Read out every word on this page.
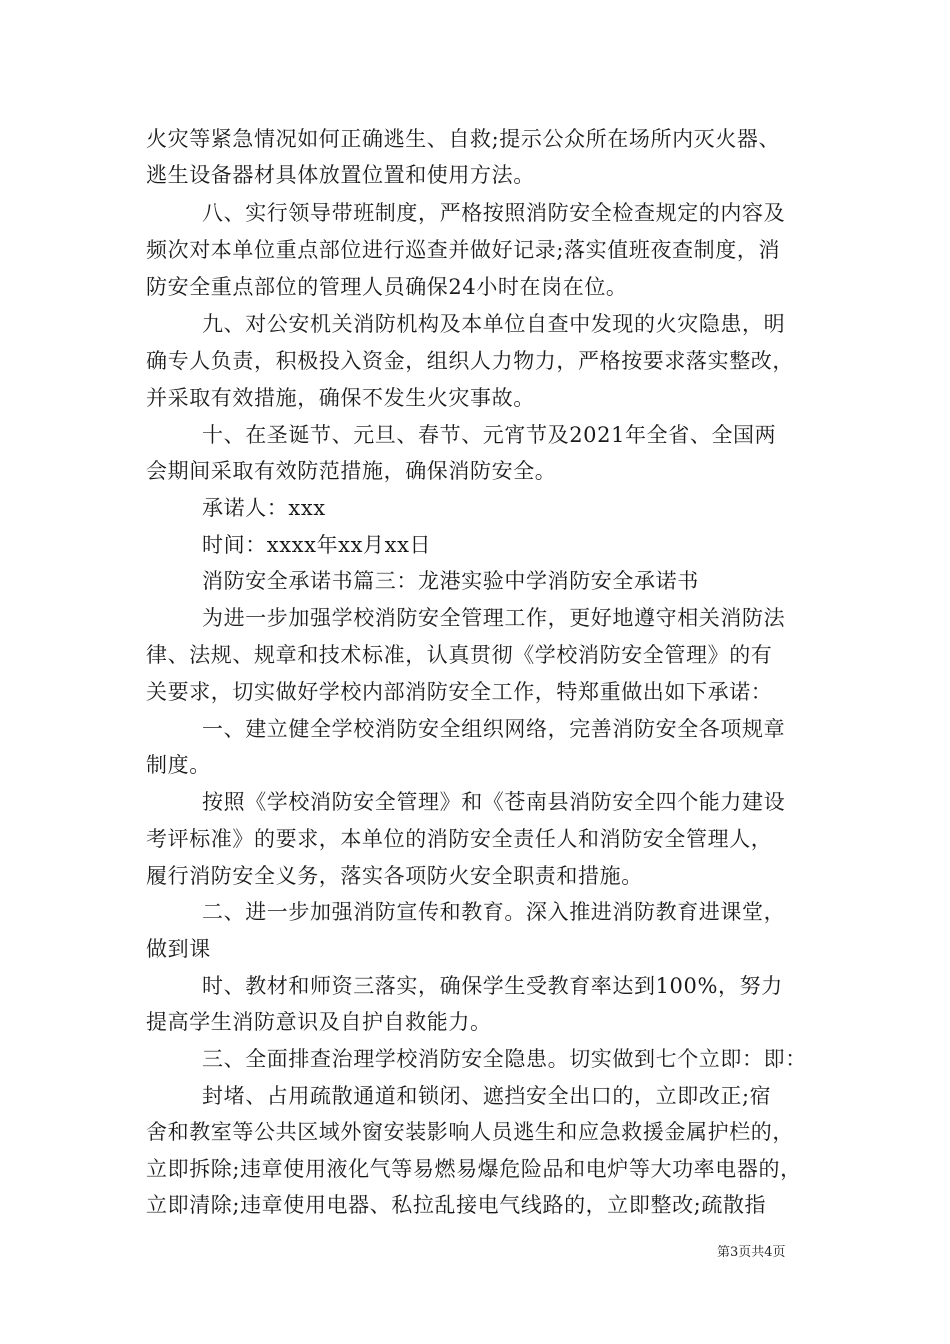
火灾等紧急情况如何正确逃生、自救;提示公众所在场所内灭火器、
逃生设备器材具体放置位置和使用方法。
八、实行领导带班制度，严格按照消防安全检查规定的内容及
频次对本单位重点部位进行巡查并做好记录;落实值班夜查制度，消
防安全重点部位的管理人员确保24小时在岗在位。
九、对公安机关消防机构及本单位自查中发现的火灾隐患，明
确专人负责，积极投入资金，组织人力物力，严格按要求落实整改，
并采取有效措施，确保不发生火灾事故。
十、在圣诞节、元旦、春节、元宵节及2021年全省、全国两
会期间采取有效防范措施，确保消防安全。
承诺人：xxx
时间：xxxx年xx月xx日
消防安全承诺书篇三：龙港实验中学消防安全承诺书
为进一步加强学校消防安全管理工作，更好地遵守相关消防法
律、法规、规章和技术标准，认真贯彻《学校消防安全管理》的有
关要求，切实做好学校内部消防安全工作，特郑重做出如下承诺：
一、建立健全学校消防安全组织网络，完善消防安全各项规章
制度。
按照《学校消防安全管理》和《苍南县消防安全四个能力建设
考评标准》的要求，本单位的消防安全责任人和消防安全管理人，
履行消防安全义务，落实各项防火安全职责和措施。
二、进一步加强消防宣传和教育。深入推进消防教育进课堂，
做到课
时、教材和师资三落实，确保学生受教育率达到100%，努力
提高学生消防意识及自护自救能力。
三、全面排查治理学校消防安全隐患。切实做到七个立即：即：
封堵、占用疏散通道和锁闭、遮挡安全出口的，立即改正;宿
舍和教室等公共区域外窗安装影响人员逃生和应急救援金属护栏的，
立即拆除;违章使用液化气等易燃易爆危险品和电炉等大功率电器的，
立即清除;违章使用电器、私拉乱接电气线路的，立即整改;疏散指
第3页共4页
